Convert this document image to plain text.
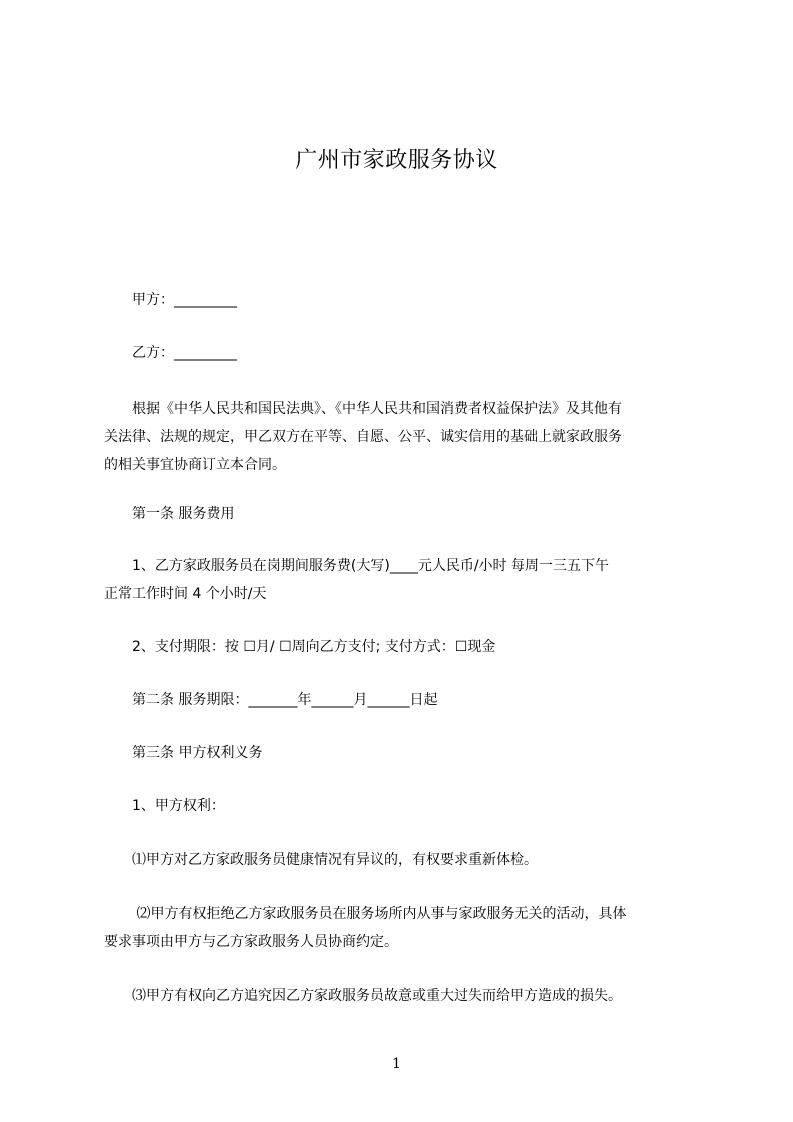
广州市家政服务协议
　　甲方：_________
　　乙方：_________
　　根据《中华人民共和国民法典》、《中华人民共和国消费者权益保护法》及其他有
关法律、法规的规定，甲乙双方在平等、自愿、公平、诚实信用的基础上就家政服务
的相关事宜协商订立本合同。
　　第一条 服务费用
　　1、乙方家政服务员在岗期间服务费(大写)____元人民币/小时 每周一三五下午
正常工作时间 4 个小时/天
　　2、支付期限：按 ☐月/ ☐周向乙方支付; 支付方式：☐现金
　　第二条 服务期限：_______年______月______日起
　　第三条 甲方权利义务
　　1、甲方权利：
　　⑴甲方对乙方家政服务员健康情况有异议的，有权要求重新体检。
　　 ⑵甲方有权拒绝乙方家政服务员在服务场所内从事与家政服务无关的活动，具体
要求事项由甲方与乙方家政服务人员协商约定。
　　⑶甲方有权向乙方追究因乙方家政服务员故意或重大过失而给甲方造成的损失。
1
